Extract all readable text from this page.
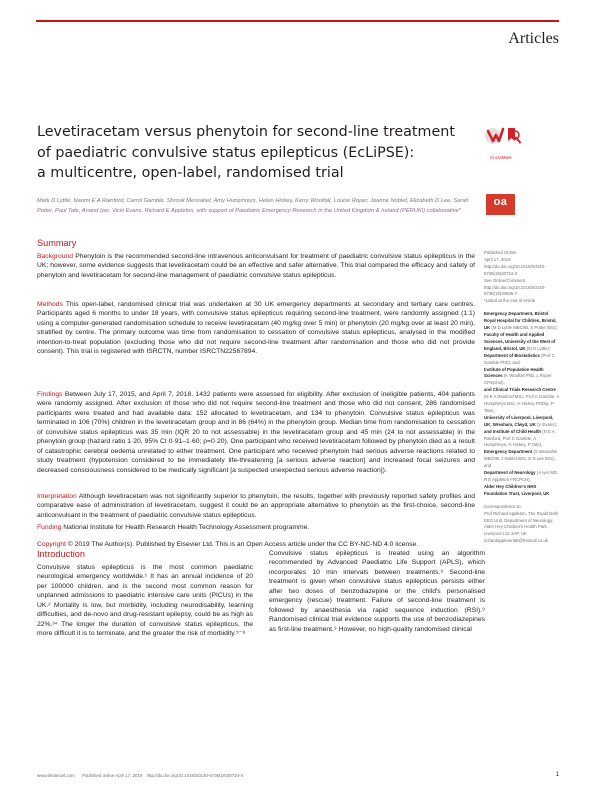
Articles
Levetiracetam versus phenytoin for second-line treatment
of paediatric convulsive status epilepticus (EcLiPSE):
a multicentre, open-label, randomised trial
CrossMark
oa
Mark D Lyttle, Naomi E A Rainford, Carrol Gamble, Shrouk Messahel, Amy Humphreys, Helen Hickey, Kerry Woolfall, Louise Roper, Joanne Noblet, Elizabeth D Lee, Sarah Potter, Paul Tate, Anand Iyer, Vicki Evans, Richard E Appleton, with support of Paediatric Emergency Research in the United Kingdom & Ireland (PERUKI) collaborative*
Summary

Background Phenytoin is the recommended second-line intravenous anticonvulsant for treatment of paediatric convulsive status epilepticus in the UK; however, some evidence suggests that levetiracetam could be an effective and safer alternative. This trial compared the efficacy and safety of phenytoin and levetiracetam for second-line management of paediatric convulsive status epilepticus.

Methods This open-label, randomised clinical trial was undertaken at 30 UK emergency departments at secondary and tertiary care centres. Participants aged 6 months to under 18 years, with convulsive status epilepticus requiring second-line treatment, were randomly assigned (1:1) using a computer-generated randomisation schedule to receive levetiracetam (40 mg/kg over 5 min) or phenytoin (20 mg/kg over at least 20 min), stratified by centre. The primary outcome was time from randomisation to cessation of convulsive status epilepticus, analysed in the modified intention-to-treat population (excluding those who did not require second-line treatment after randomisation and those who did not provide consent). This trial is registered with ISRCTN, number ISRCTN22567894.

Findings Between July 17, 2015, and April 7, 2018, 1432 patients were assessed for eligibility. After exclusion of ineligible patients, 404 patients were randomly assigned. After exclusion of those who did not require second-line treatment and those who did not consent, 286 randomised participants were treated and had available data: 152 allocated to levetiracetam, and 134 to phenytoin. Convulsive status epilepticus was terminated in 106 (70%) children in the levetiracetam group and in 86 (64%) in the phenytoin group. Median time from randomisation to cessation of convulsive status epilepticus was 35 min (IQR 20 to not assessable) in the levetiracetam group and 45 min (24 to not assessable) in the phenytoin group (hazard ratio 1·20, 95% CI 0·91–1·60; p=0·20). One participant who received levetiracetam followed by phenytoin died as a result of catastrophic cerebral oedema unrelated to either treatment. One participant who received phenytoin had serious adverse reactions related to study treatment (hypotension considered to be immediately life-threatening [a serious adverse reaction] and increased focal seizures and decreased consciousness considered to be medically significant [a suspected unexpected serious adverse reaction]).

Interpretation Although levetiracetam was not significantly superior to phenytoin, the results, together with previously reported safety profiles and comparative ease of administration of levetiracetam, suggest it could be an appropriate alternative to phenytoin as the first-choice, second-line anticonvulsant in the treatment of paediatric convulsive status epilepticus.

Funding National Institute for Health Research Health Technology Assessment programme.

Copyright © 2019 The Author(s). Published by Elsevier Ltd. This is an Open Access article under the CC BY-NC-ND 4.0 license.

Published Online
April 17, 2019
http://dx.doi.org/10.1016/S0140-6736(19)30724-X
See Online/Comment
http://dx.doi.org/10.1016/S0140-6736(19)30836-7
*Listed at the end of Article
Emergency Department, Bristol Royal Hospital for Children, Bristol, UK (M D Lyttle MBChB, S Potter BSc);
Faculty of Health and Applied Sciences, University of the West of England, Bristol, UK (M D Lyttle);
Department of Biostatistics (Prof C Gamble PhD), and
Institute of Population Health Sciences (K Woolfall PhD, L Roper CPsychol),
and Clinical Trials Research Centre (N E A Rainford MSc, Prof C Gamble, A Humphreys BSc, H Hickey PGDip, P Tate),
University of Liverpool, Liverpool, UK; Wrexham, Clwyd, UK (V Evans);
and Institute of Child Health (N E A Rainford, Prof C Gamble, A Humphreys, H Hickey, P Tate),
Emergency Department (S Messahel MBChB, J Noblet BSc, E D Lee BSc), and
Department of Neurology (A Iyer MD, R E Appleton FRCPCH),
Alder Hey Children's NHS Foundation Trust, Liverpool, UK
Correspondence to:
Prof Richard Appleton, The Roald Dahl EEG Unit, Department of Neurology, Alder Hey Children's Health Park, Liverpool L12 2AP, UK
richardappleton55@hotmail.co.uk
Introduction

Convulsive status epilepticus is the most common paediatric neurological emergency worldwide.¹ It has an annual incidence of 20 per 100000 children, and is the second most common reason for unplanned admissions to paediatric intensive care units (PICUs) in the UK.² Mortality is low, but morbidity, including neurodisability, learning difficulties, and de-novo and drug-resistant epilepsy, could be as high as 22%.³⁴ The longer the duration of convulsive status epilepticus, the more difficult it is to terminate, and the greater the risk of morbidity.⁵⁻⁸

Convulsive status epilepticus is treated using an algorithm recommended by Advanced Paediatric Life Support (APLS), which incorporates 10 min intervals between treatments.⁹ Second-line treatment is given when convulsive status epilepticus persists either after two doses of benzodiazepine or the child's personalised emergency (rescue) treatment. Failure of second-line treatment is followed by anaesthesia via rapid sequence induction (RSI).⁹ Randomised clinical trial evidence supports the use of benzodiazepines as first-line treatment.⁹ However, no high-quality randomised clinical

www.thelancet.com Published online April 17, 2019 http://dx.doi.org/10.1016/S0140-6736(19)30724-X	1
